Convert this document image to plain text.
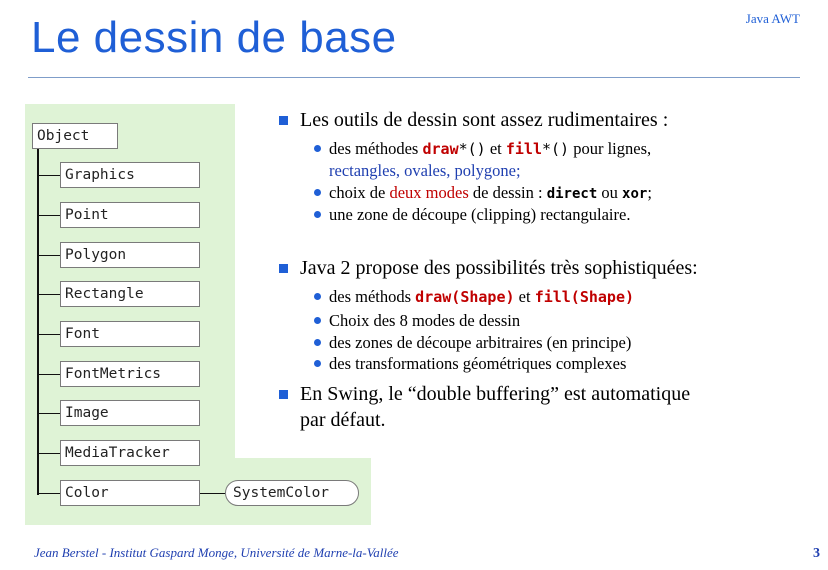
Le dessin de base	Java AWT
Object
Graphics
Point
Polygon
Rectangle
Font
FontMetrics
Image
MediaTracker
Color	SystemColor
Les outils de dessin sont assez rudimentaires :
des méthodes draw*() et fill*() pour lignes,
rectangles, ovales, polygone;
choix de deux modes de dessin : direct ou xor;
une zone de découpe (clipping) rectangulaire.
Java 2 propose des possibilités très sophistiquées:
des méthods draw(Shape) et fill(Shape)
Choix des 8 modes de dessin
des zones de découpe arbitraires (en principe)
des transformations géométriques complexes
En Swing, le “double buffering” est automatique
par défaut.
Jean Berstel - Institut Gaspard Monge, Université de Marne-la-Vallée	3
